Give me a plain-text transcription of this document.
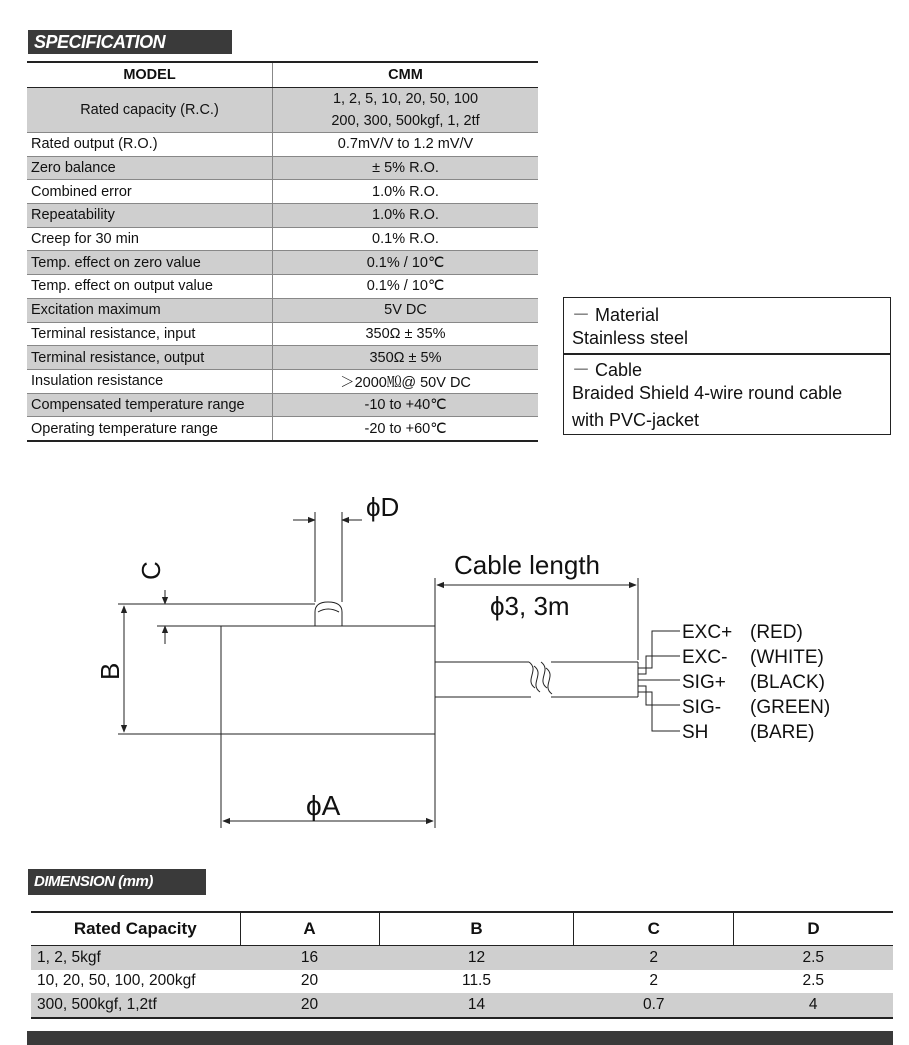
SPECIFICATION
MODEL	CMM
Rated capacity (R.C.)	1, 2, 5, 10, 20, 50, 100
200, 300, 500kgf, 1, 2tf

Rated output (R.O.)	0.7mV/V to 1.2 mV/V
Zero balance	± 5% R.O.
Combined error	1.0% R.O.
Repeatability	1.0% R.O.
Creep for 30 min	0.1% R.O.
Temp. effect on zero value	0.1% / 10℃
Temp. effect on output value	0.1% / 10℃
Excitation maximum	5V DC
Terminal resistance, input	350Ω ± 35%
Terminal resistance, output	350Ω ± 5%
Insulation resistance	＞2000㏁@ 50V DC
Compensated temperature range	-10 to +40℃
Operating temperature range	-20 to +60℃
－ Material
Stainless steel
－ Cable
Braided Shield 4-wire round cable
with PVC-jacket
ϕD
C
B
ϕA
Cable length
ϕ3, 3m
EXC+ (RED)
EXC- (WHITE)
SIG+ (BLACK)
SIG- (GREEN)
SH (BARE)
DIMENSION (mm)
Rated Capacity	A	B	C	D
1, 2, 5kgf	16	12	2	2.5
10, 20, 50, 100, 200kgf	20	11.5	2	2.5
300, 500kgf, 1,2tf	20	14	0.7	4
